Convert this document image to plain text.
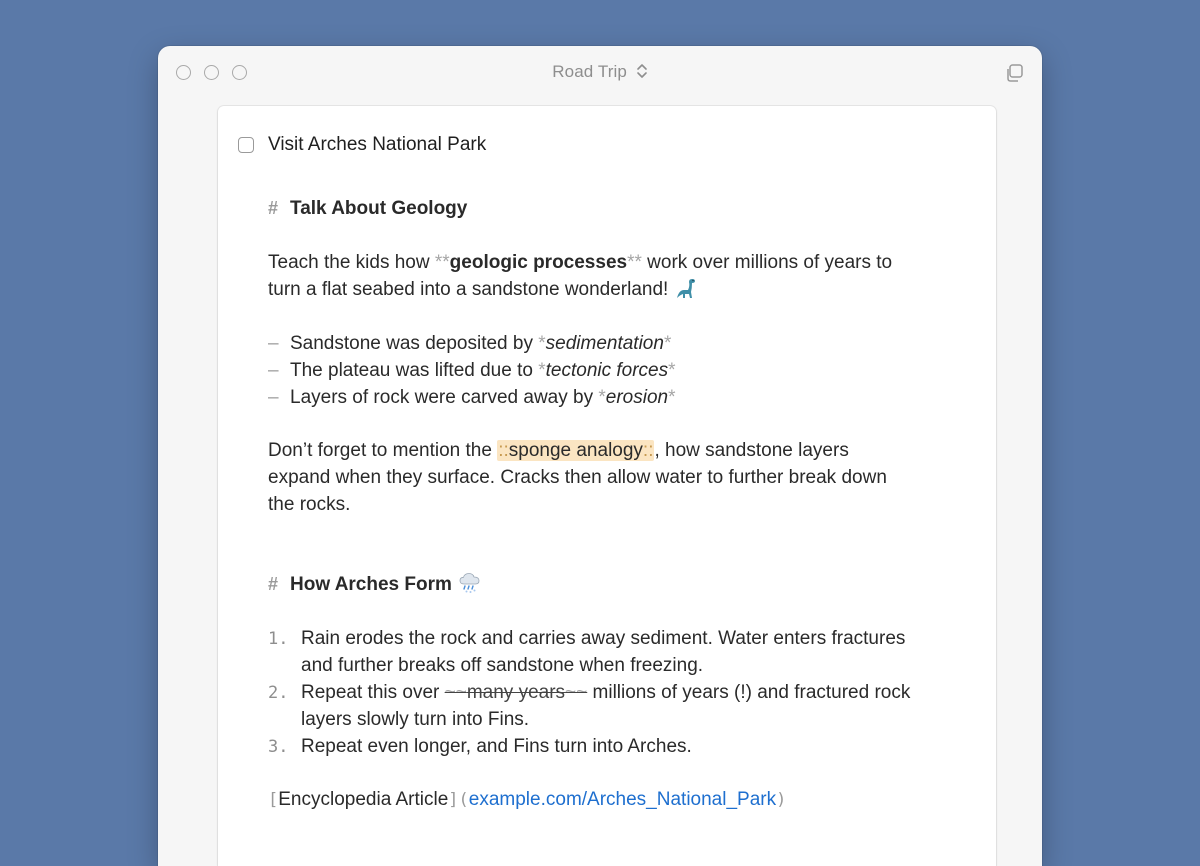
Road Trip
Visit Arches National Park
# Talk About Geology
Teach the kids how **geologic processes** work over millions of years to
turn a flat seabed into a sandstone wonderland!
– Sandstone was deposited by *sedimentation*
– The plateau was lifted due to *tectonic forces*
– Layers of rock were carved away by *erosion*
Don’t forget to mention the ::sponge analogy::, how sandstone layers
expand when they surface. Cracks then allow water to further break down
the rocks.
# How Arches Form
1. Rain erodes the rock and carries away sediment. Water enters fractures
and further breaks off sandstone when freezing.
2. Repeat this over ~~many years~~ millions of years (!) and fractured rock
layers slowly turn into Fins.
3. Repeat even longer, and Fins turn into Arches.
[Encyclopedia Article](example.com/Arches_National_Park)
